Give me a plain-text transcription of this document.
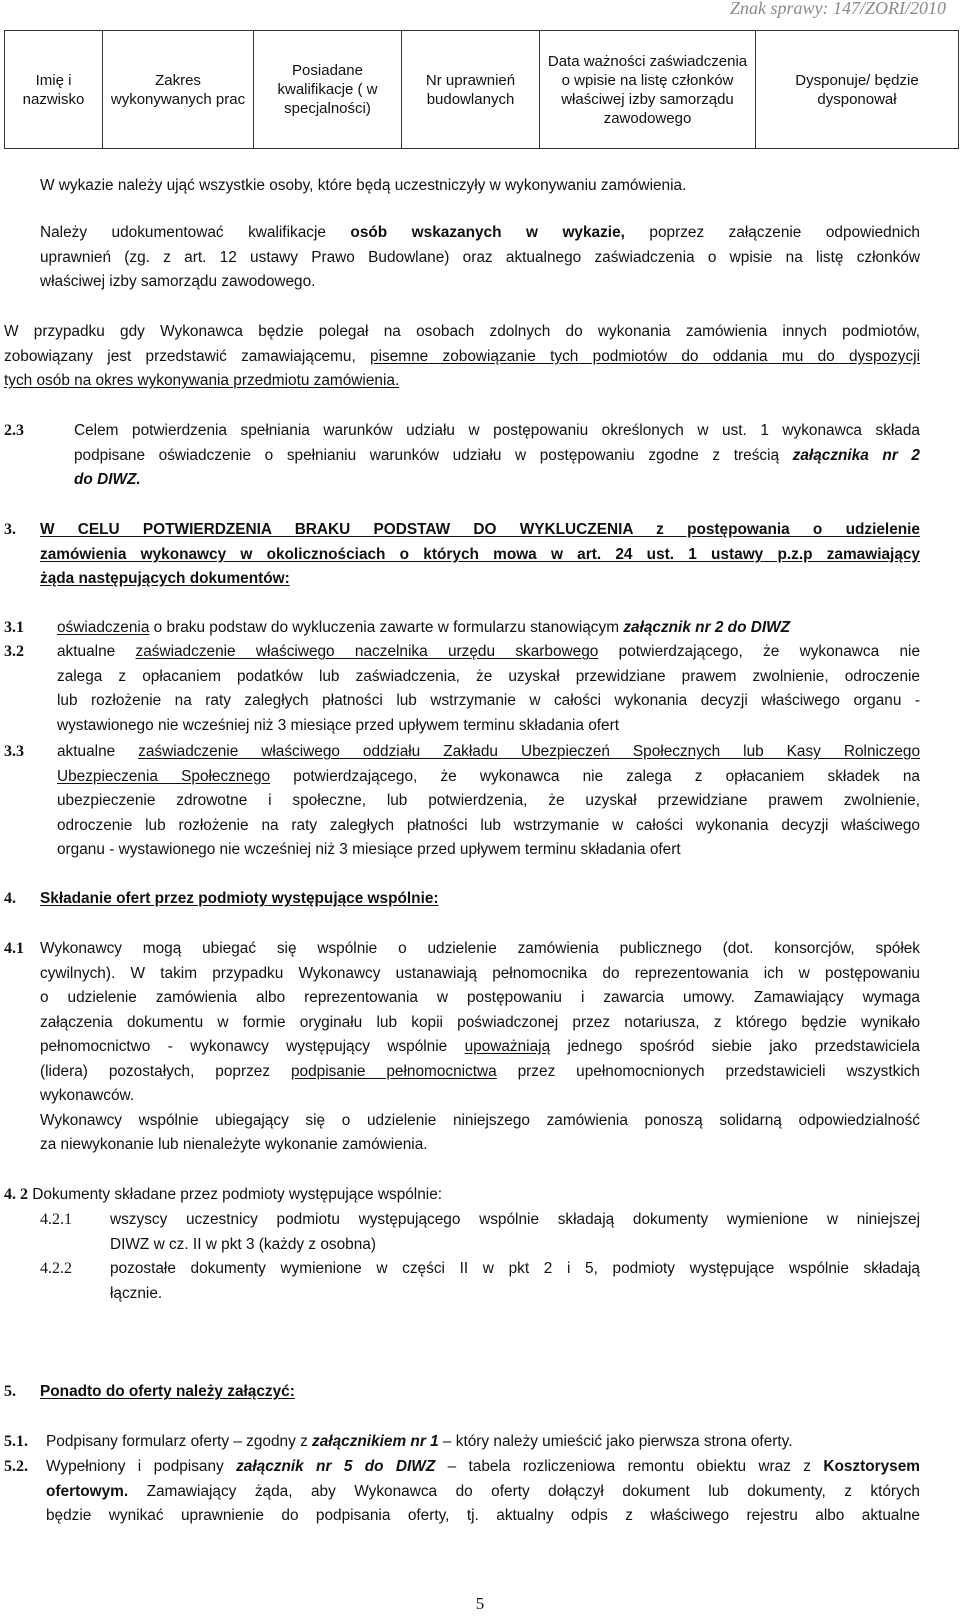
Znak sprawy: 147/ZORI/2010
Imię i nazwisko	Zakres wykonywanych prac	Posiadane kwalifikacje ( w specjalności)	Nr uprawnień budowlanych	Data ważności zaświadczenia o wpisie na listę członków właściwej izby samorządu zawodowego	Dysponuje/ będzie dysponował
W wykazie należy ująć wszystkie osoby, które będą uczestniczyły w wykonywaniu zamówienia.
Należy udokumentować kwalifikacje osób wskazanych w wykazie, poprzez załączenie odpowiednich
uprawnień (zg. z art. 12 ustawy Prawo Budowlane) oraz aktualnego zaświadczenia o wpisie na listę członków
właściwej izby samorządu zawodowego.
W przypadku gdy Wykonawca będzie polegał na osobach zdolnych do wykonania zamówienia innych podmiotów,
zobowiązany jest przedstawić zamawiającemu, pisemne zobowiązanie tych podmiotów do oddania mu do dyspozycji
tych osób na okres wykonywania przedmiotu zamówienia.
2.3	Celem potwierdzenia spełniania warunków udziału w postępowaniu określonych w ust. 1 wykonawca składa
podpisane oświadczenie o spełnianiu warunków udziału w postępowaniu zgodne z treścią załącznika nr 2
do DIWZ.
3. W CELU POTWIERDZENIA BRAKU PODSTAW DO WYKLUCZENIA z postępowania o udzielenie
zamówienia wykonawcy w okolicznościach o których mowa w art. 24 ust. 1 ustawy p.z.p zamawiający
żąda następujących dokumentów:
3.1 oświadczenia o braku podstaw do wykluczenia zawarte w formularzu stanowiącym załącznik nr 2 do DIWZ
3.2 aktualne zaświadczenie właściwego naczelnika urzędu skarbowego potwierdzającego, że wykonawca nie
zalega z opłacaniem podatków lub zaświadczenia, że uzyskał przewidziane prawem zwolnienie, odroczenie
lub rozłożenie na raty zaległych płatności lub wstrzymanie w całości wykonania decyzji właściwego organu -
wystawionego nie wcześniej niż 3 miesiące przed upływem terminu składania ofert
3.3 aktualne zaświadczenie właściwego oddziału Zakładu Ubezpieczeń Społecznych lub Kasy Rolniczego
Ubezpieczenia Społecznego potwierdzającego, że wykonawca nie zalega z opłacaniem składek na
ubezpieczenie zdrowotne i społeczne, lub potwierdzenia, że uzyskał przewidziane prawem zwolnienie,
odroczenie lub rozłożenie na raty zaległych płatności lub wstrzymanie w całości wykonania decyzji właściwego
organu - wystawionego nie wcześniej niż 3 miesiące przed upływem terminu składania ofert
4. Składanie ofert przez podmioty występujące wspólnie:
4.1 Wykonawcy mogą ubiegać się wspólnie o udzielenie zamówienia publicznego (dot. konsorcjów, spółek
cywilnych). W takim przypadku Wykonawcy ustanawiają pełnomocnika do reprezentowania ich w postępowaniu
o udzielenie zamówienia albo reprezentowania w postępowaniu i zawarcia umowy. Zamawiający wymaga
załączenia dokumentu w formie oryginału lub kopii poświadczonej przez notariusza, z którego będzie wynikało
pełnomocnictwo - wykonawcy występujący wspólnie upoważniają jednego spośród siebie jako przedstawiciela
(lidera) pozostałych, poprzez podpisanie pełnomocnictwa przez upełnomocnionych przedstawicieli wszystkich
wykonawców.
Wykonawcy wspólnie ubiegający się o udzielenie niniejszego zamówienia ponoszą solidarną odpowiedzialność
za niewykonanie lub nienależyte wykonanie zamówienia.
4. 2 Dokumenty składane przez podmioty występujące wspólnie:
4.2.1 wszyscy uczestnicy podmiotu występującego wspólnie składają dokumenty wymienione w niniejszej
DIWZ w cz. II w pkt 3 (każdy z osobna)
4.2.2 pozostałe dokumenty wymienione w części II w pkt 2 i 5, podmioty występujące wspólnie składają
łącznie.
5. Ponadto do oferty należy załączyć:
5.1. Podpisany formularz oferty – zgodny z załącznikiem nr 1 – który należy umieścić jako pierwsza strona oferty.
5.2. Wypełniony i podpisany załącznik nr 5 do DIWZ – tabela rozliczeniowa remontu obiektu wraz z Kosztorysem
ofertowym. Zamawiający żąda, aby Wykonawca do oferty dołączył dokument lub dokumenty, z których
będzie wynikać uprawnienie do podpisania oferty, tj. aktualny odpis z właściwego rejestru albo aktualne
5
